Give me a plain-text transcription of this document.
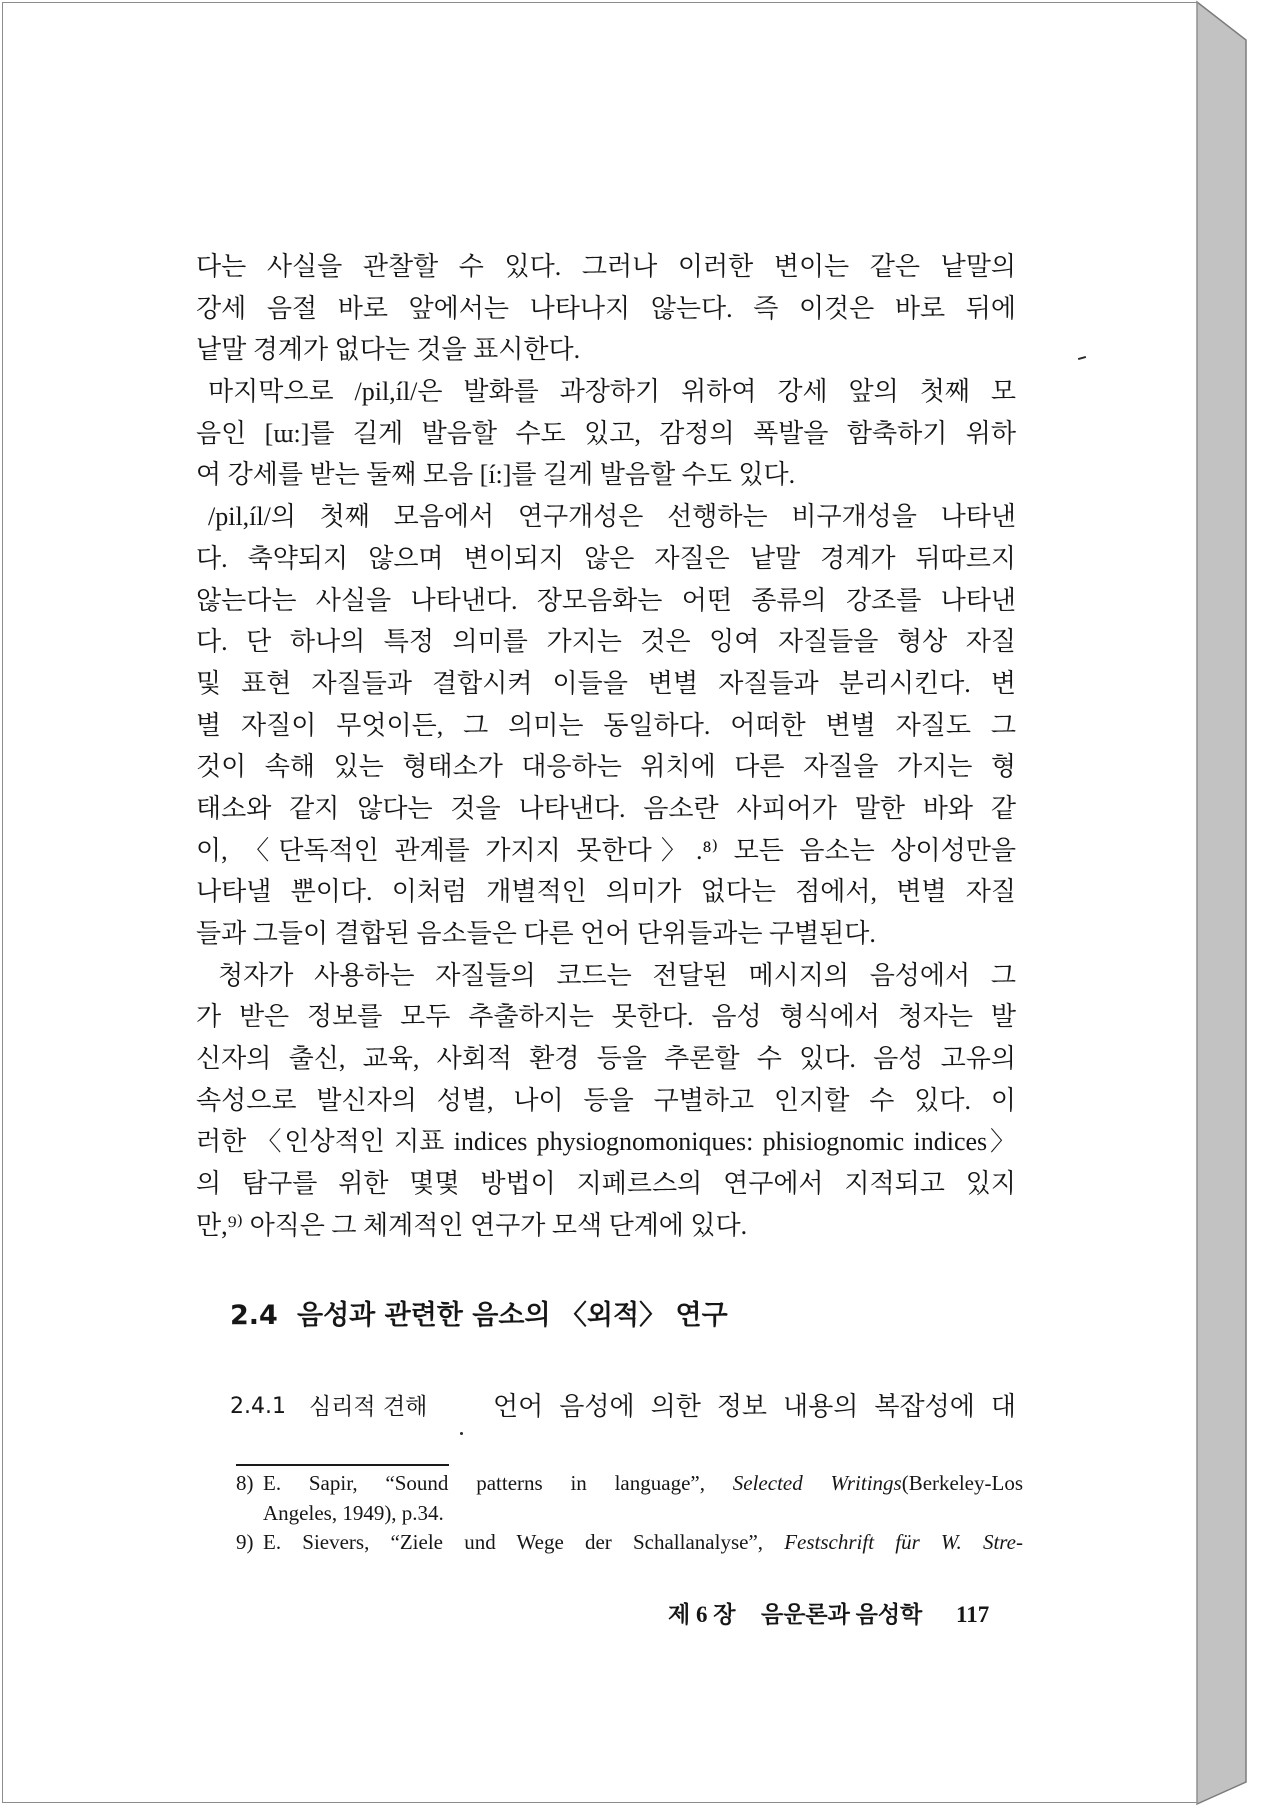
다는 사실을 관찰할 수 있다. 그러나 이러한 변이는 같은 낱말의
강세 음절 바로 앞에서는 나타나지 않는다. 즉 이것은 바로 뒤에
낱말 경계가 없다는 것을 표시한다.
마지막으로 /pil,íl/은 발화를 과장하기 위하여 강세 앞의 첫째 모
음인 [ɯ:]를 길게 발음할 수도 있고, 감정의 폭발을 함축하기 위하
여 강세를 받는 둘째 모음 [í:]를 길게 발음할 수도 있다.
/pil,íl/의 첫째 모음에서 연구개성은 선행하는 비구개성을 나타낸
다. 축약되지 않으며 변이되지 않은 자질은 낱말 경계가 뒤따르지
않는다는 사실을 나타낸다. 장모음화는 어떤 종류의 강조를 나타낸
다. 단 하나의 특정 의미를 가지는 것은 잉여 자질들을 형상 자질
및 표현 자질들과 결합시켜 이들을 변별 자질들과 분리시킨다. 변
별 자질이 무엇이든, 그 의미는 동일하다. 어떠한 변별 자질도 그
것이 속해 있는 형태소가 대응하는 위치에 다른 자질을 가지는 형
태소와 같지 않다는 것을 나타낸다. 음소란 사피어가 말한 바와 같
이, 〈단독적인 관계를 가지지 못한다〉.⁸⁾ 모든 음소는 상이성만을
나타낼 뿐이다. 이처럼 개별적인 의미가 없다는 점에서, 변별 자질
들과 그들이 결합된 음소들은 다른 언어 단위들과는 구별된다.
청자가 사용하는 자질들의 코드는 전달된 메시지의 음성에서 그
가 받은 정보를 모두 추출하지는 못한다. 음성 형식에서 청자는 발
신자의 출신, 교육, 사회적 환경 등을 추론할 수 있다. 음성 고유의
속성으로 발신자의 성별, 나이 등을 구별하고 인지할 수 있다. 이
러한 〈인상적인 지표 indices physiognomoniques: phisiognomic indices〉
의 탐구를 위한 몇몇 방법이 지페르스의 연구에서 지적되고 있지
만,⁹⁾ 아직은 그 체계적인 연구가 모색 단계에 있다.
2.4 음성과 관련한 음소의 〈외적〉 연구
2.4.1 심리적 견해	언어 음성에 의한 정보 내용의 복잡성에 대
8) E. Sapir, “Sound patterns in language”, Selected Writings(Berkeley-Los
Angeles, 1949), p.34.
9) E. Sievers, “Ziele und Wege der Schallanalyse”, Festschrift für W. Stre-
제 6 장 음운론과 음성학 117
